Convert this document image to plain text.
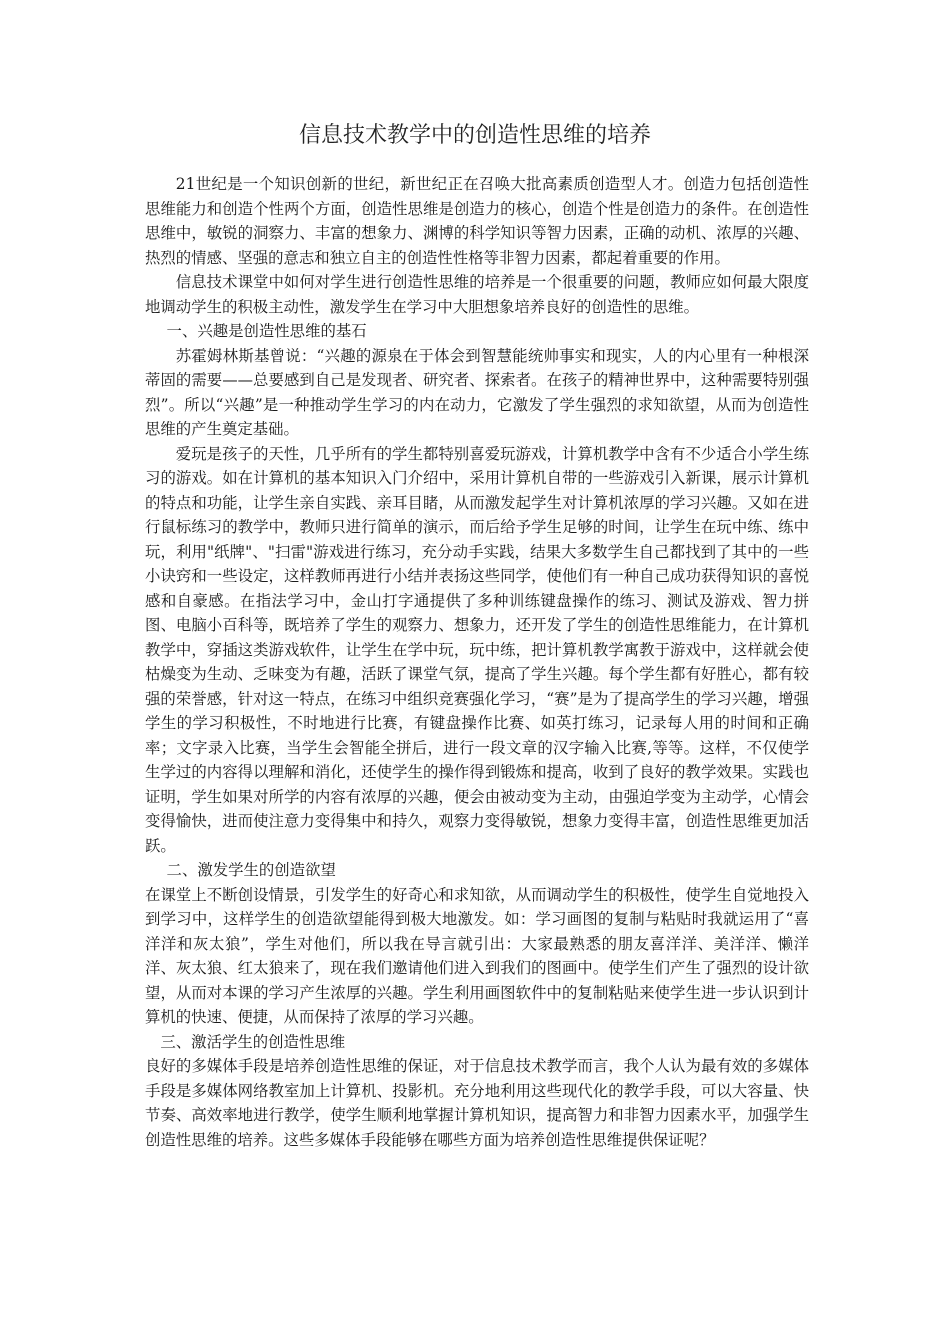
信息技术教学中的创造性思维的培养

21世纪是一个知识创新的世纪，新世纪正在召唤大批高素质创造型人才。创造力包括创造性思维能力和创造个性两个方面，创造性思维是创造力的核心，创造个性是创造力的条件。在创造性思维中，敏锐的洞察力、丰富的想象力、渊博的科学知识等智力因素，正确的动机、浓厚的兴趣、热烈的情感、坚强的意志和独立自主的创造性性格等非智力因素，都起着重要的作用。

信息技术课堂中如何对学生进行创造性思维的培养是一个很重要的问题，教师应如何最大限度地调动学生的积极主动性，激发学生在学习中大胆想象培养良好的创造性的思维。

一、兴趣是创造性思维的基石

苏霍姆林斯基曾说：“兴趣的源泉在于体会到智慧能统帅事实和现实，人的内心里有一种根深蒂固的需要——总要感到自己是发现者、研究者、探索者。在孩子的精神世界中，这种需要特别强烈”。所以“兴趣”是一种推动学生学习的内在动力，它激发了学生强烈的求知欲望，从而为创造性思维的产生奠定基础。

爱玩是孩子的天性，几乎所有的学生都特别喜爱玩游戏，计算机教学中含有不少适合小学生练习的游戏。如在计算机的基本知识入门介绍中，采用计算机自带的一些游戏引入新课，展示计算机的特点和功能，让学生亲自实践、亲耳目睹，从而激发起学生对计算机浓厚的学习兴趣。又如在进行鼠标练习的教学中，教师只进行简单的演示，而后给予学生足够的时间，让学生在玩中练、练中玩，利用"纸牌"、"扫雷"游戏进行练习，充分动手实践，结果大多数学生自己都找到了其中的一些小诀窍和一些设定，这样教师再进行小结并表扬这些同学，使他们有一种自己成功获得知识的喜悦感和自豪感。在指法学习中，金山打字通提供了多种训练键盘操作的练习、测试及游戏、智力拼图、电脑小百科等，既培养了学生的观察力、想象力，还开发了学生的创造性思维能力，在计算机教学中，穿插这类游戏软件，让学生在学中玩，玩中练，把计算机教学寓教于游戏中，这样就会使枯燥变为生动、乏味变为有趣，活跃了课堂气氛，提高了学生兴趣。每个学生都有好胜心，都有较强的荣誉感，针对这一特点，在练习中组织竞赛强化学习，“赛”是为了提高学生的学习兴趣，增强学生的学习积极性，不时地进行比赛，有键盘操作比赛、如英打练习，记录每人用的时间和正确率；文字录入比赛，当学生会智能全拼后，进行一段文章的汉字输入比赛,等等。这样，不仅使学生学过的内容得以理解和消化，还使学生的操作得到锻炼和提高，收到了良好的教学效果。实践也证明，学生如果对所学的内容有浓厚的兴趣，便会由被动变为主动，由强迫学变为主动学，心情会变得愉快，进而使注意力变得集中和持久，观察力变得敏锐，想象力变得丰富，创造性思维更加活跃。

二、激发学生的创造欲望

在课堂上不断创设情景，引发学生的好奇心和求知欲，从而调动学生的积极性，使学生自觉地投入到学习中，这样学生的创造欲望能得到极大地激发。如：学习画图的复制与粘贴时我就运用了“喜洋洋和灰太狼”，学生对他们，所以我在导言就引出：大家最熟悉的朋友喜洋洋、美洋洋、懒洋洋、灰太狼、红太狼来了，现在我们邀请他们进入到我们的图画中。使学生们产生了强烈的设计欲望，从而对本课的学习产生浓厚的兴趣。学生利用画图软件中的复制粘贴来使学生进一步认识到计算机的快速、便捷，从而保持了浓厚的学习兴趣。

三、激活学生的创造性思维

良好的多媒体手段是培养创造性思维的保证，对于信息技术教学而言，我个人认为最有效的多媒体手段是多媒体网络教室加上计算机、投影机。充分地利用这些现代化的教学手段，可以大容量、快节奏、高效率地进行教学，使学生顺利地掌握计算机知识，提高智力和非智力因素水平，加强学生创造性思维的培养。这些多媒体手段能够在哪些方面为培养创造性思维提供保证呢？
